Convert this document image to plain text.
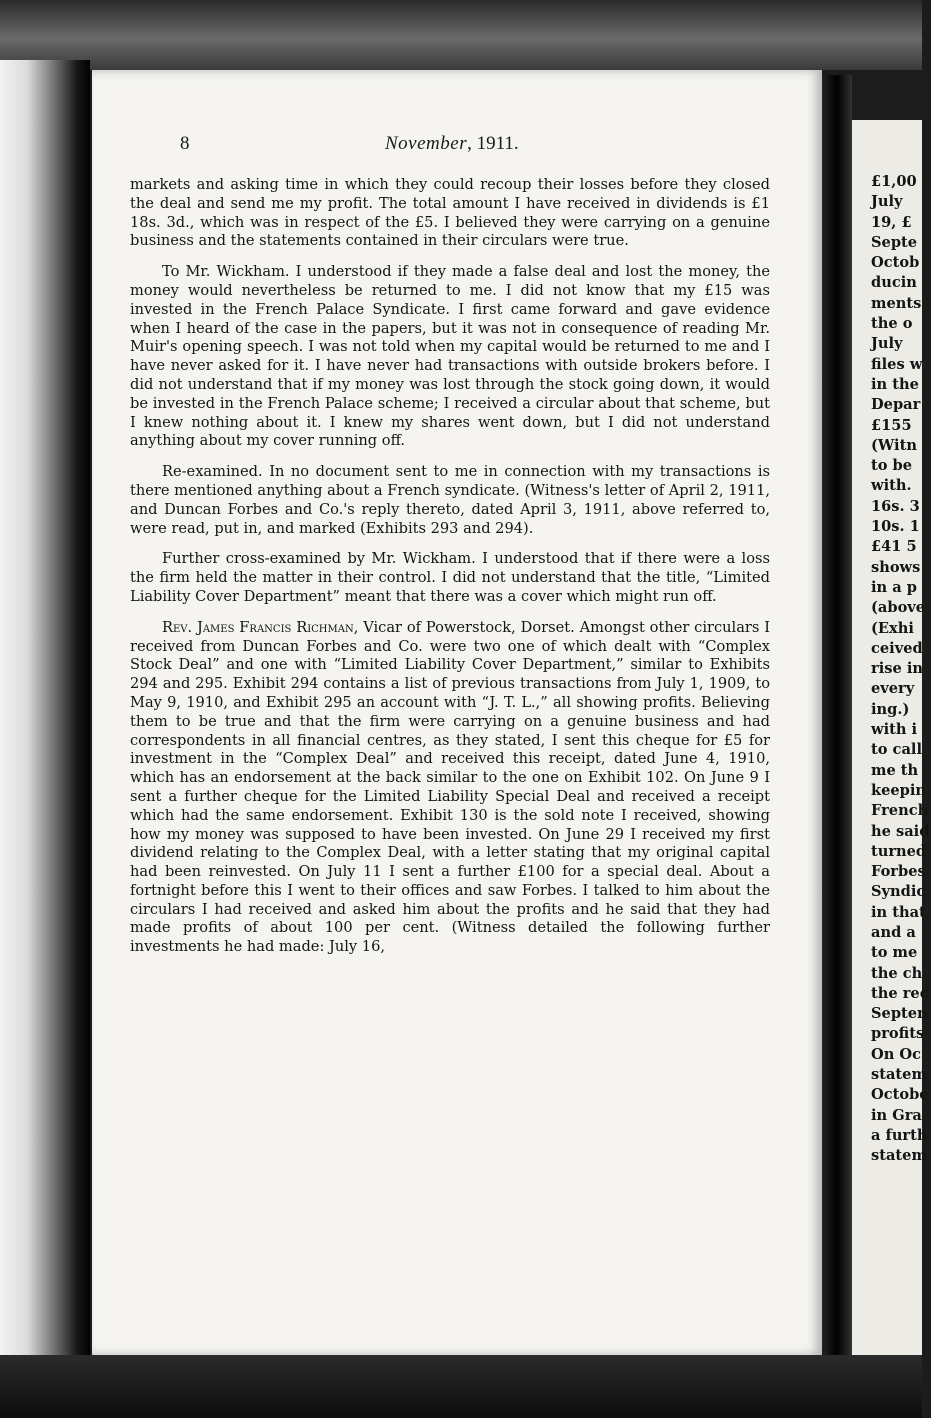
8	November, 1911.

markets and asking time in which they could recoup their losses before they closed the deal and send me my profit. The total amount I have received in dividends is £1 18s. 3d., which was in respect of the £5. I believed they were carrying on a genuine business and the statements contained in their circulars were true.

To Mr. Wickham. I understood if they made a false deal and lost the money, the money would nevertheless be returned to me. I did not know that my £15 was invested in the French Palace Syndicate. I first came forward and gave evidence when I heard of the case in the papers, but it was not in consequence of reading Mr. Muir's opening speech. I was not told when my capital would be returned to me and I have never asked for it. I have never had transactions with outside brokers before. I did not understand that if my money was lost through the stock going down, it would be invested in the French Palace scheme; I received a circular about that scheme, but I knew nothing about it. I knew my shares went down, but I did not understand anything about my cover running off.

Re-examined. In no document sent to me in connection with my transactions is there mentioned anything about a French syndicate. (Witness's letter of April 2, 1911, and Duncan Forbes and Co.'s reply thereto, dated April 3, 1911, above referred to, were read, put in, and marked (Exhibits 293 and 294).

Further cross-examined by Mr. Wickham. I understood that if there were a loss the firm held the matter in their control. I did not understand that the title, “Limited Liability Cover Department” meant that there was a cover which might run off.

Rev. James Francis Richman, Vicar of Powerstock, Dorset. Amongst other circulars I received from Duncan Forbes and Co. were two one of which dealt with “Complex Stock Deal” and one with “Limited Liability Cover Department,” similar to Exhibits 294 and 295. Exhibit 294 contains a list of previous transactions from July 1, 1909, to May 9, 1910, and Exhibit 295 an account with “J. T. L.,” all showing profits. Believing them to be true and that the firm were carrying on a genuine business and had correspondents in all financial centres, as they stated, I sent this cheque for £5 for investment in the “Complex Deal” and received this receipt, dated June 4, 1910, which has an endorsement at the back similar to the one on Exhibit 102. On June 9 I sent a further cheque for the Limited Liability Special Deal and received a receipt which had the same endorsement. Exhibit 130 is the sold note I received, showing how my money was supposed to have been invested. On June 29 I received my first dividend relating to the Complex Deal, with a letter stating that my original capital had been reinvested. On July 11 I sent a further £100 for a special deal. About a fortnight before this I went to their offices and saw Forbes. I talked to him about the circulars I had received and asked him about the profits and he said that they had made profits of about 100 per cent. (Witness detailed the following further investments he had made: July 16,

£1,00
July
19, £
Septe
Octob
ducin
ments
the o
July
files w
in the
Depar
£155
(Witn
to be
with.
16s. 3
10s. 1
£41 5
shows
in a p
(above
(Exhi
ceived
rise in
every
ing.)
with i
to call
me th
keepin
French
he said
turned
Forbes
Syndic
in that
and a
to me
the ch
the rec
Septen
profits
On Oc
statem
Octobe
in Gra
a furth
statem
